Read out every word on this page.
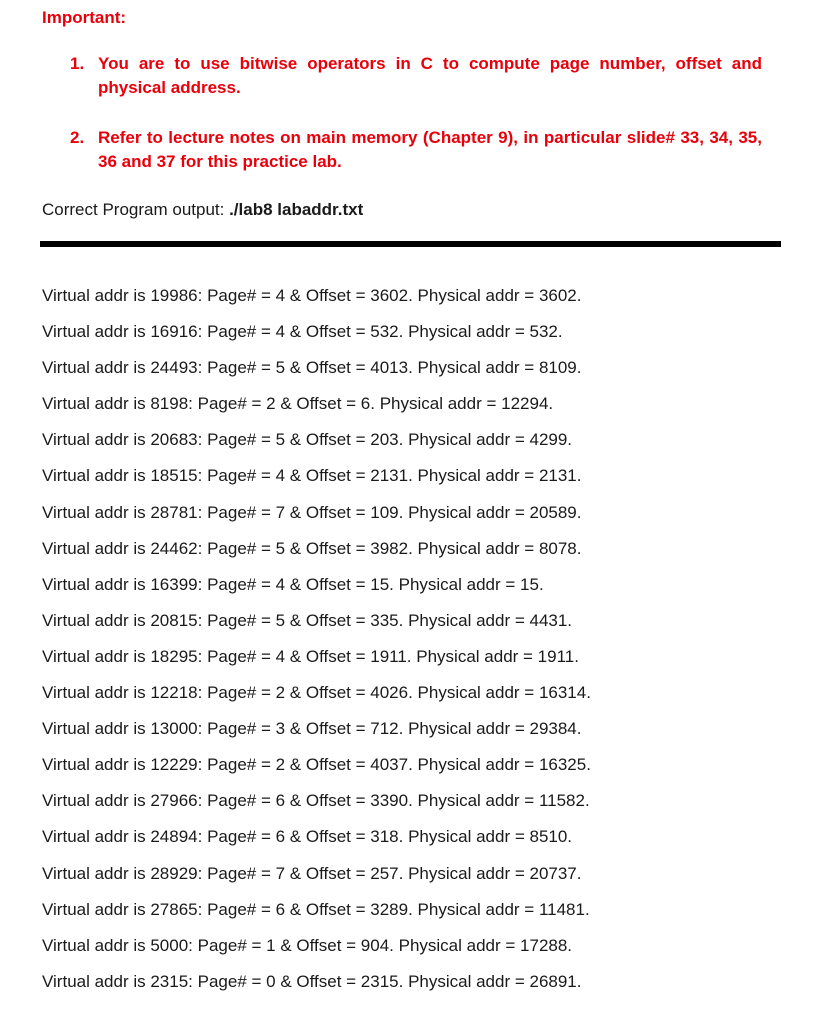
Important:
1. You are to use bitwise operators in C to compute page number, offset and physical address.
2. Refer to lecture notes on main memory (Chapter 9), in particular slide# 33, 34, 35, 36 and 37 for this practice lab.
Correct Program output: ./lab8 labaddr.txt
Virtual addr is 19986: Page# = 4 & Offset = 3602. Physical addr = 3602.
Virtual addr is 16916: Page# = 4 & Offset = 532. Physical addr = 532.
Virtual addr is 24493: Page# = 5 & Offset = 4013. Physical addr = 8109.
Virtual addr is 8198: Page# = 2 & Offset = 6. Physical addr = 12294.
Virtual addr is 20683: Page# = 5 & Offset = 203. Physical addr = 4299.
Virtual addr is 18515: Page# = 4 & Offset = 2131. Physical addr = 2131.
Virtual addr is 28781: Page# = 7 & Offset = 109. Physical addr = 20589.
Virtual addr is 24462: Page# = 5 & Offset = 3982. Physical addr = 8078.
Virtual addr is 16399: Page# = 4 & Offset = 15. Physical addr = 15.
Virtual addr is 20815: Page# = 5 & Offset = 335. Physical addr = 4431.
Virtual addr is 18295: Page# = 4 & Offset = 1911. Physical addr = 1911.
Virtual addr is 12218: Page# = 2 & Offset = 4026. Physical addr = 16314.
Virtual addr is 13000: Page# = 3 & Offset = 712. Physical addr = 29384.
Virtual addr is 12229: Page# = 2 & Offset = 4037. Physical addr = 16325.
Virtual addr is 27966: Page# = 6 & Offset = 3390. Physical addr = 11582.
Virtual addr is 24894: Page# = 6 & Offset = 318. Physical addr = 8510.
Virtual addr is 28929: Page# = 7 & Offset = 257. Physical addr = 20737.
Virtual addr is 27865: Page# = 6 & Offset = 3289. Physical addr = 11481.
Virtual addr is 5000: Page# = 1 & Offset = 904. Physical addr = 17288.
Virtual addr is 2315: Page# = 0 & Offset = 2315. Physical addr = 26891.
